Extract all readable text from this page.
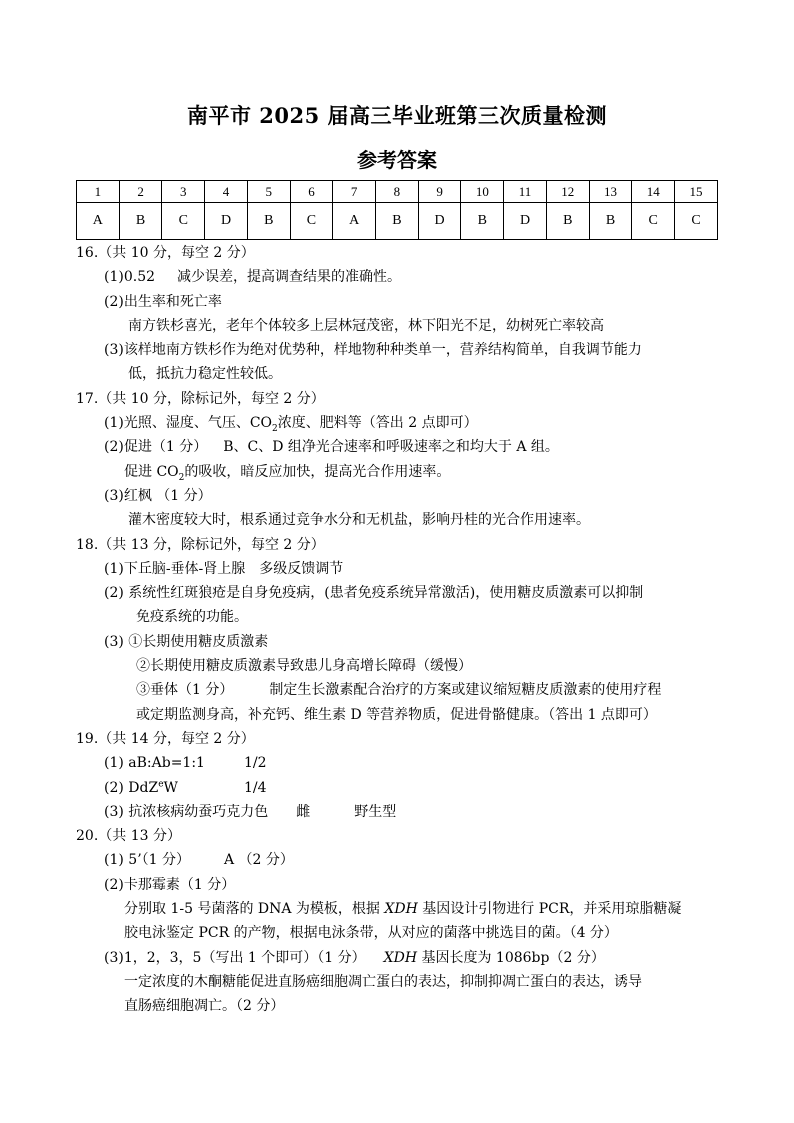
南平市 2025 届高三毕业班第三次质量检测
参考答案
1	2	3	4	5	6	7	8	9	10	11	12	13	14	15
A	B	C	D	B	C	A	B	D	B	D	B	B	C	C
16.（共 10 分，每空 2 分）
(1)0.52 减少误差，提高调查结果的准确性。
(2)出生率和死亡率
南方铁杉喜光，老年个体较多上层林冠茂密，林下阳光不足，幼树死亡率较高
(3)该样地南方铁杉作为绝对优势种，样地物种种类单一，营养结构简单，自我调节能力
低，抵抗力稳定性较低。
17.（共 10 分，除标记外，每空 2 分）
(1)光照、湿度、气压、$CO_2$浓度、肥料等（答出 2 点即可）
(2)促进（1 分） B、C、D 组净光合速率和呼吸速率之和均大于 A 组。
促进 $CO_2$的吸收，暗反应加快，提高光合作用速率。
(3)红枫 （1 分）
灌木密度较大时，根系通过竞争水分和无机盐，影响丹桂的光合作用速率。
18.（共 13 分，除标记外，每空 2 分）
(1)下丘脑-垂体-肾上腺　多级反馈调节
(2) 系统性红斑狼疮是自身免疫病，(患者免疫系统异常激活)，使用糖皮质激素可以抑制
免疫系统的功能。
(3) ①长期使用糖皮质激素
②长期使用糖皮质激素导致患儿身高增长障碍（缓慢）
③垂体（1 分）	制定生长激素配合治疗的方案或建议缩短糖皮质激素的使用疗程
或定期监测身高，补充钙、维生素 D 等营养物质，促进骨骼健康。（答出 1 点即可）
19.（共 14 分，每空 2 分）
(1) aB:Ab=1:1	1/2
(2) DdZ$^e$W	1/4
(3) 抗浓核病幼蚕巧克力色 雌	野生型
20.（共 13 分）
(1) 5’（1 分） A （2 分）
(2)卡那霉素（1 分）
分别取 1-5 号菌落的 DNA 为模板，根据 XDH 基因设计引物进行 PCR，并采用琼脂糖凝
胶电泳鉴定 PCR 的产物，根据电泳条带，从对应的菌落中挑选目的菌。（4 分）
(3)1，2，3，5（写出 1 个即可）（1 分） XDH 基因长度为 1086bp（2 分）
一定浓度的木酮糖能促进直肠癌细胞凋亡蛋白的表达，抑制抑凋亡蛋白的表达，诱导
直肠癌细胞凋亡。（2 分）
